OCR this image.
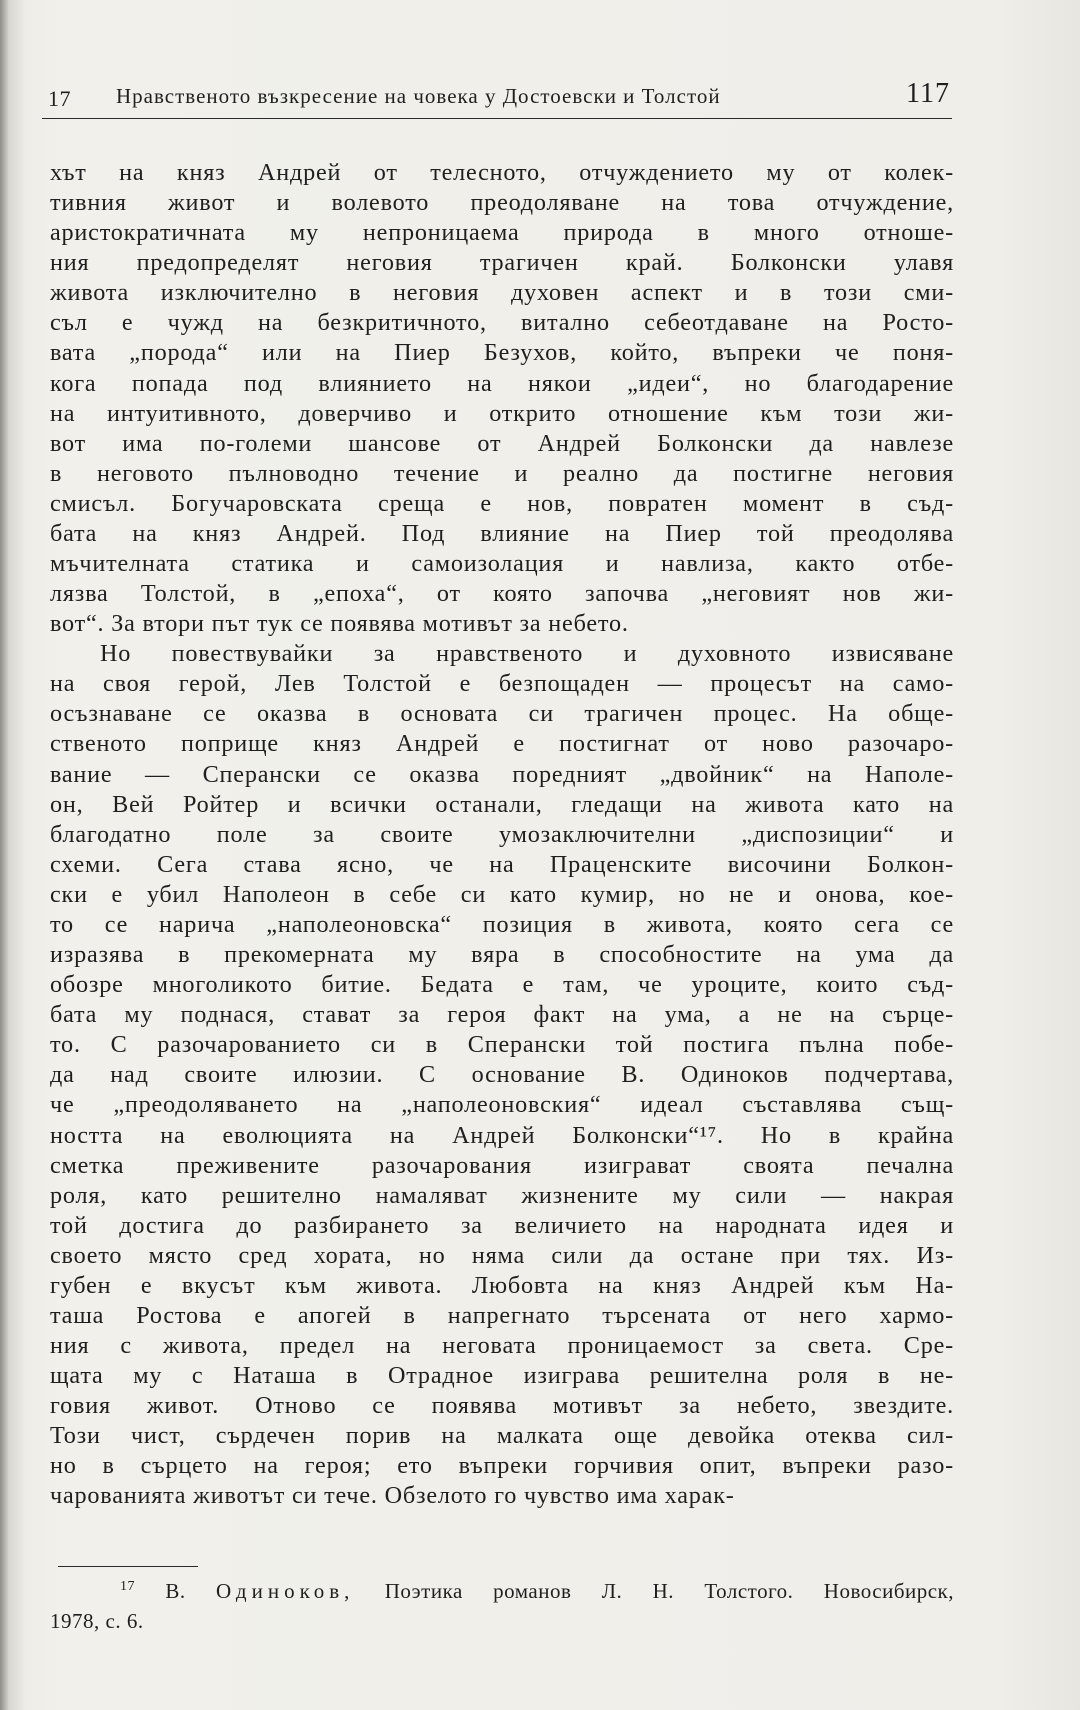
17 Нравственото възкресение на човека у Достоевски и Толстой	117
хът на княз Андрей от телесното, отчуждението му от колек-
тивния живот и волевото преодоляване на това отчуждение,
аристократичната му непроницаема природа в много отноше-
ния предопределят неговия трагичен край. Болконски улавя
живота изключително в неговия духовен аспект и в този сми-
съл е чужд на безкритичното, витално себеотдаване на Росто-
вата „порода“ или на Пиер Безухов, който, въпреки че поня-
кога попада под влиянието на някои „идеи“, но благодарение
на интуитивното, доверчиво и открито отношение към този жи-
вот има по-големи шансове от Андрей Болконски да навлезе
в неговото пълноводно течение и реално да постигне неговия
смисъл. Богучаровската среща е нов, повратен момент в съд-
бата на княз Андрей. Под влияние на Пиер той преодолява
мъчителната статика и самоизолация и навлиза, както отбе-
лязва Толстой, в „епоха“, от която започва „неговият нов жи-
вот“. За втори път тук се появява мотивът за небето.
Но повествувайки за нравственото и духовното извисяване
на своя герой, Лев Толстой е безпощаден — процесът на само-
осъзнаване се оказва в основата си трагичен процес. На обще-
ственото поприще княз Андрей е постигнат от ново разочаро-
вание — Сперански се оказва поредният „двойник“ на Наполе-
он, Вей Ройтер и всички останали, гледащи на живота като на
благодатно поле за своите умозаключителни „диспозиции“ и
схеми. Сега става ясно, че на Праценските височини Болкон-
ски е убил Наполеон в себе си като кумир, но не и онова, кое-
то се нарича „наполеоновска“ позиция в живота, която сега се
изразява в прекомерната му вяра в способностите на ума да
обозре многоликото битие. Бедата е там, че уроците, които съд-
бата му поднася, стават за героя факт на ума, а не на сърце-
то. С разочарованието си в Сперански той постига пълна побе-
да над своите илюзии. С основание В. Одиноков подчертава,
че „преодоляването на „наполеоновския“ идеал съставлява същ-
ността на еволюцията на Андрей Болконски“¹⁷. Но в крайна
сметка преживените разочарования изиграват своята печална
роля, като решително намаляват жизнените му сили — накрая
той достига до разбирането за величието на народната идея и
своето място сред хората, но няма сили да остане при тях. Из-
губен е вкусът към живота. Любовта на княз Андрей към На-
таша Ростова е апогей в напрегнато търсената от него хармо-
ния с живота, предел на неговата проницаемост за света. Сре-
щата му с Наташа в Отрадное изиграва решителна роля в не-
говия живот. Отново се появява мотивът за небето, звездите.
Този чист, сърдечен порив на малката още девойка отеква сил-
но в сърцето на героя; ето въпреки горчивия опит, въпреки разо-
чарованията животът си тече. Обзелото го чувство има харак-
$^{17}$ В. Одиноков, Поэтика романов Л. Н. Толстого. Новосибирск,
1978, с. 6.
